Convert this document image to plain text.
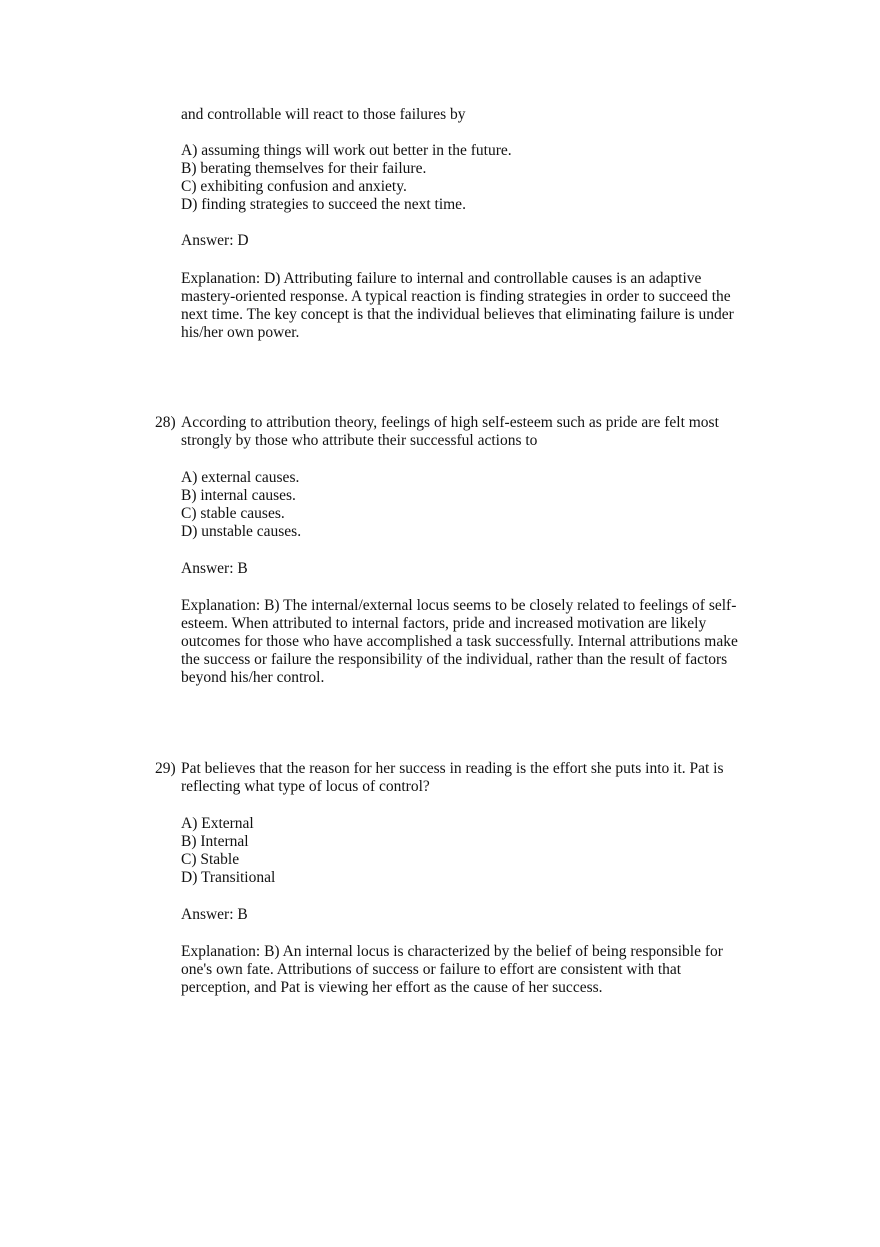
and controllable will react to those failures by
A) assuming things will work out better in the future.
B) berating themselves for their failure.
C) exhibiting confusion and anxiety.
D) finding strategies to succeed the next time.
Answer: D
Explanation: D) Attributing failure to internal and controllable causes is an adaptive
mastery-oriented response. A typical reaction is finding strategies in order to succeed the
next time. The key concept is that the individual believes that eliminating failure is under
his/her own power.
28) According to attribution theory, feelings of high self-esteem such as pride are felt most
strongly by those who attribute their successful actions to
A) external causes.
B) internal causes.
C) stable causes.
D) unstable causes.
Answer: B
Explanation: B) The internal/external locus seems to be closely related to feelings of self-
esteem. When attributed to internal factors, pride and increased motivation are likely
outcomes for those who have accomplished a task successfully. Internal attributions make
the success or failure the responsibility of the individual, rather than the result of factors
beyond his/her control.
29) Pat believes that the reason for her success in reading is the effort she puts into it. Pat is
reflecting what type of locus of control?
A) External
B) Internal
C) Stable
D) Transitional
Answer: B
Explanation: B) An internal locus is characterized by the belief of being responsible for
one's own fate. Attributions of success or failure to effort are consistent with that
perception, and Pat is viewing her effort as the cause of her success.
